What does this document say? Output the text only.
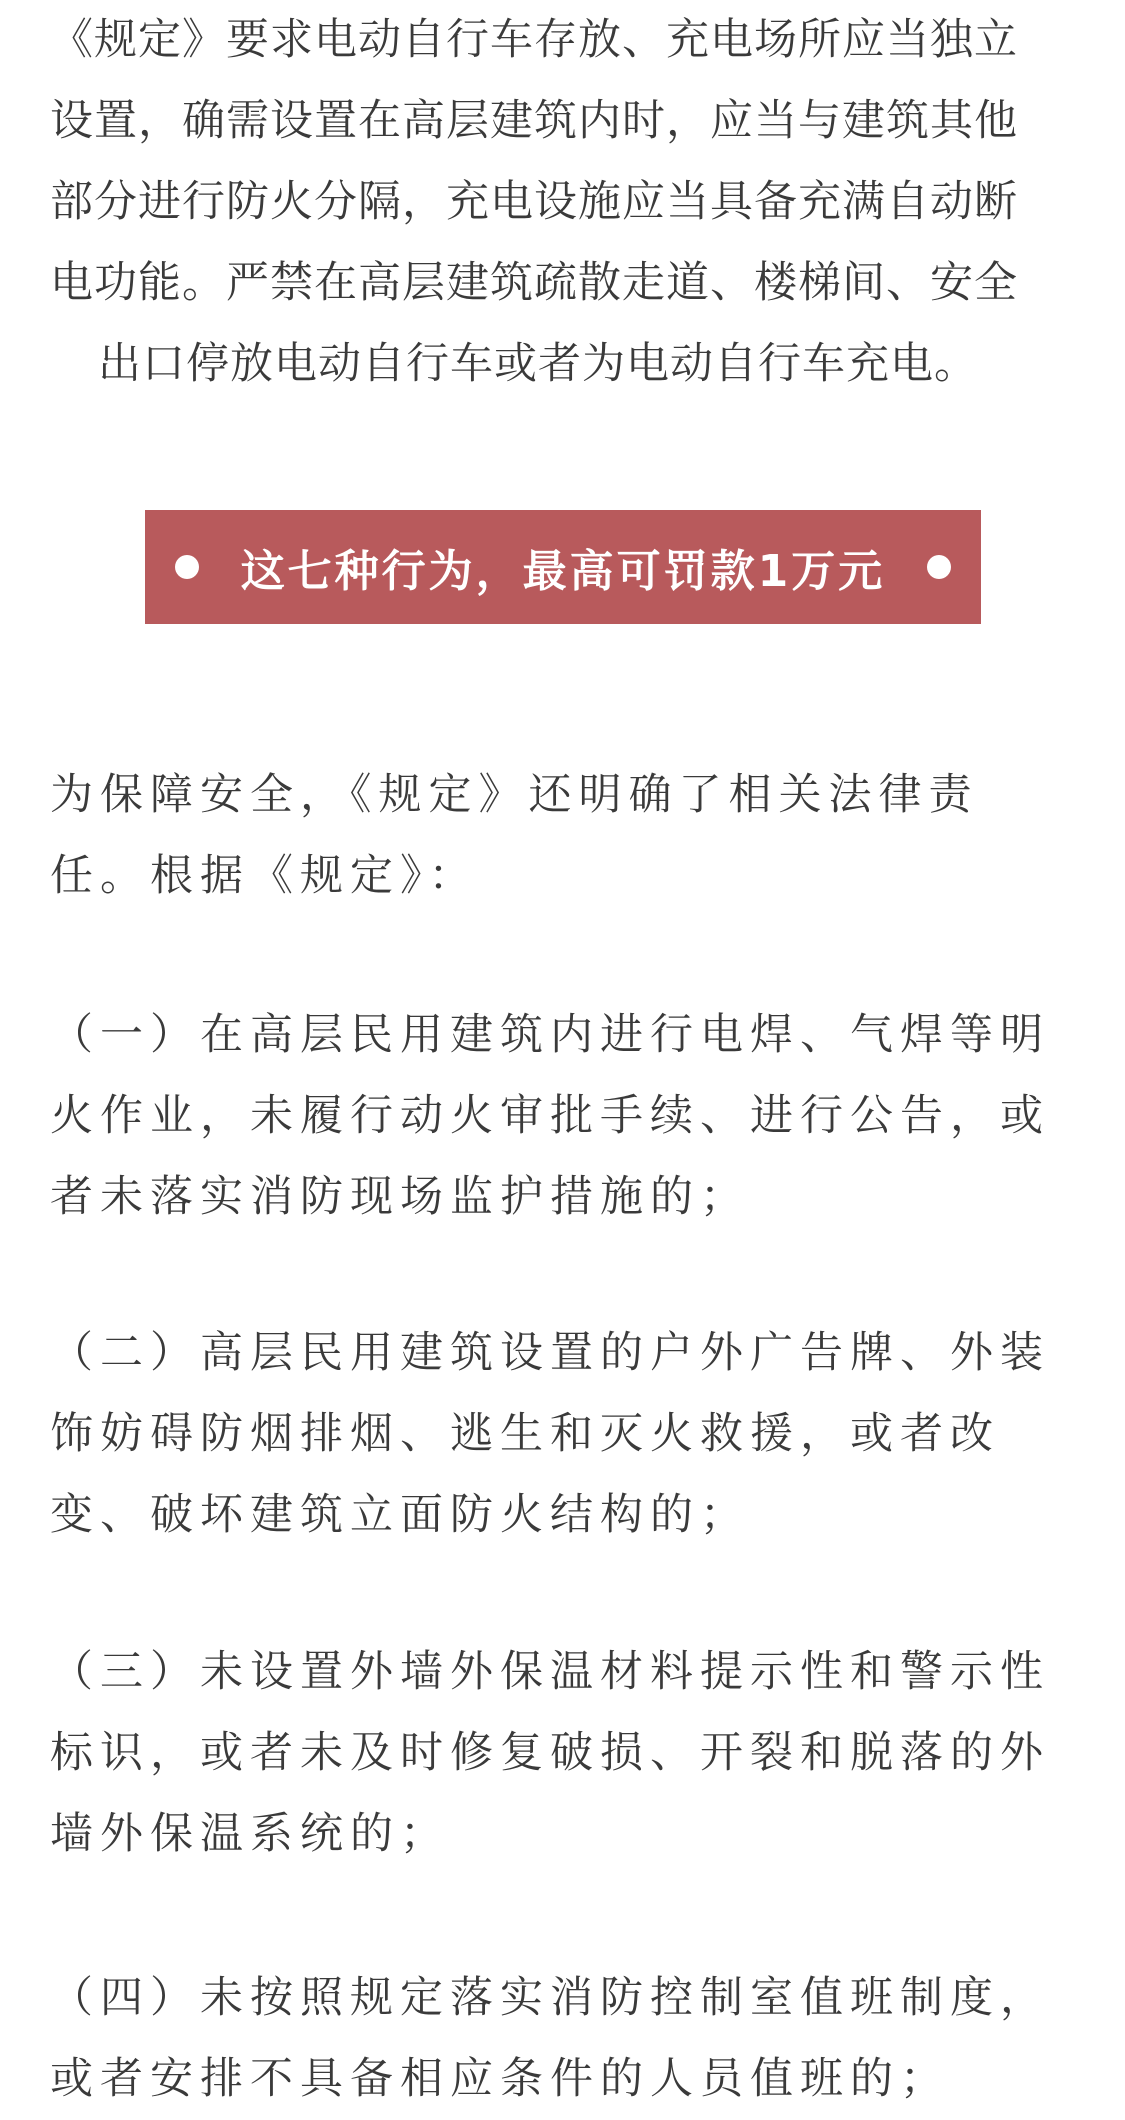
《规定》要求电动自行车存放、充电场所应当独立
设置，确需设置在高层建筑内时，应当与建筑其他
部分进行防火分隔，充电设施应当具备充满自动断
电功能。严禁在高层建筑疏散走道、楼梯间、安全
出口停放电动自行车或者为电动自行车充电。

这七种行为，最高可罚款1万元

为保障安全，《规定》还明确了相关法律责
任。根据《规定》：

（一）在高层民用建筑内进行电焊、气焊等明
火作业，未履行动火审批手续、进行公告，或
者未落实消防现场监护措施的；

（二）高层民用建筑设置的户外广告牌、外装
饰妨碍防烟排烟、逃生和灭火救援，或者改
变、破坏建筑立面防火结构的；

（三）未设置外墙外保温材料提示性和警示性
标识，或者未及时修复破损、开裂和脱落的外
墙外保温系统的；

（四）未按照规定落实消防控制室值班制度，
或者安排不具备相应条件的人员值班的；
